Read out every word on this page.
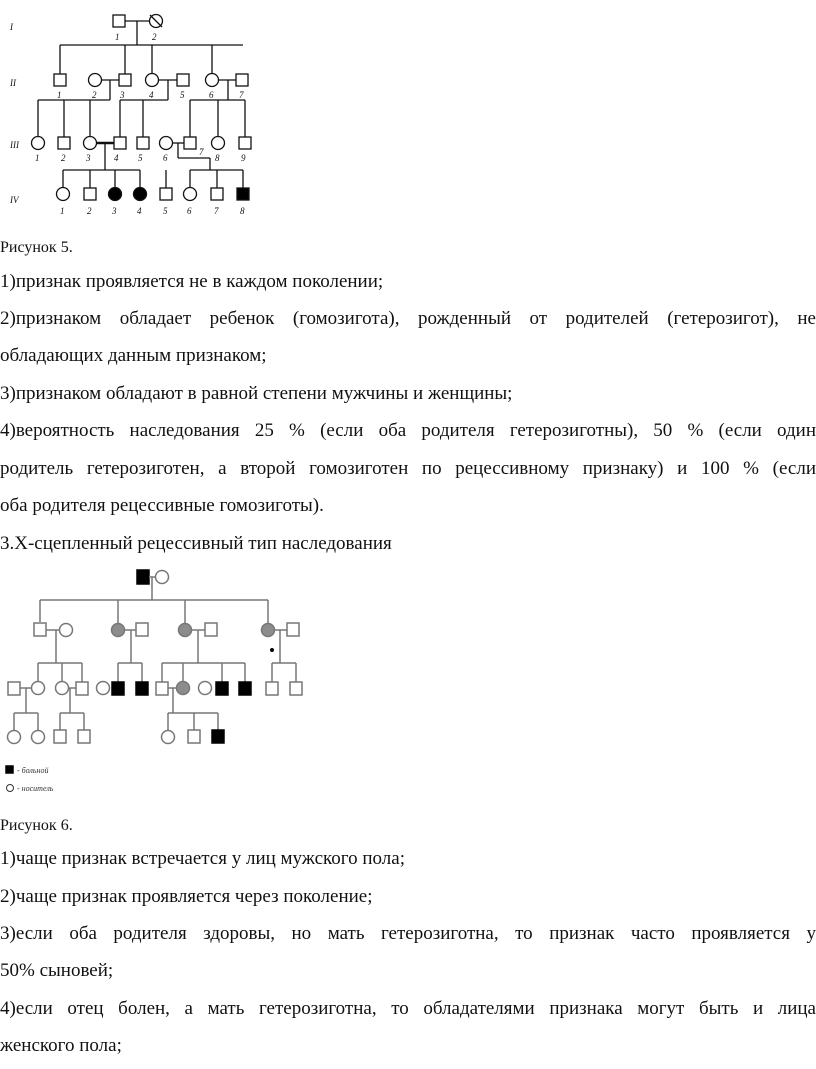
I
II
III
IV
1	2
1	2	3	4	5	6	7
1 2 3	4 5 6
7
8 9
1	2 3 4 5 6	7 8
Рисунок 5.
1)признак проявляется не в каждом поколении;
2)признаком обладает ребенок (гомозигота), рожденный от родителей (гетерозигот), не
обладающих данным признаком;
3)признаком обладают в равной степени мужчины и женщины;
4)вероятность наследования 25 % (если оба родителя гетерозиготны), 50 % (если один
родитель гетерозиготен, а второй гомозиготен по рецессивному признаку) и 100 % (если
оба родителя рецессивные гомозиготы).
3.Х-сцепленный рецессивный тип наследования
- больной
- носитель
Рисунок 6.
1)чаще признак встречается у лиц мужского пола;
2)чаще признак проявляется через поколение;
3)если оба родителя здоровы, но мать гетерозиготна, то признак часто проявляется у
50% сыновей;
4)если отец болен, а мать гетерозиготна, то обладателями признака могут быть и лица
женского пола;
